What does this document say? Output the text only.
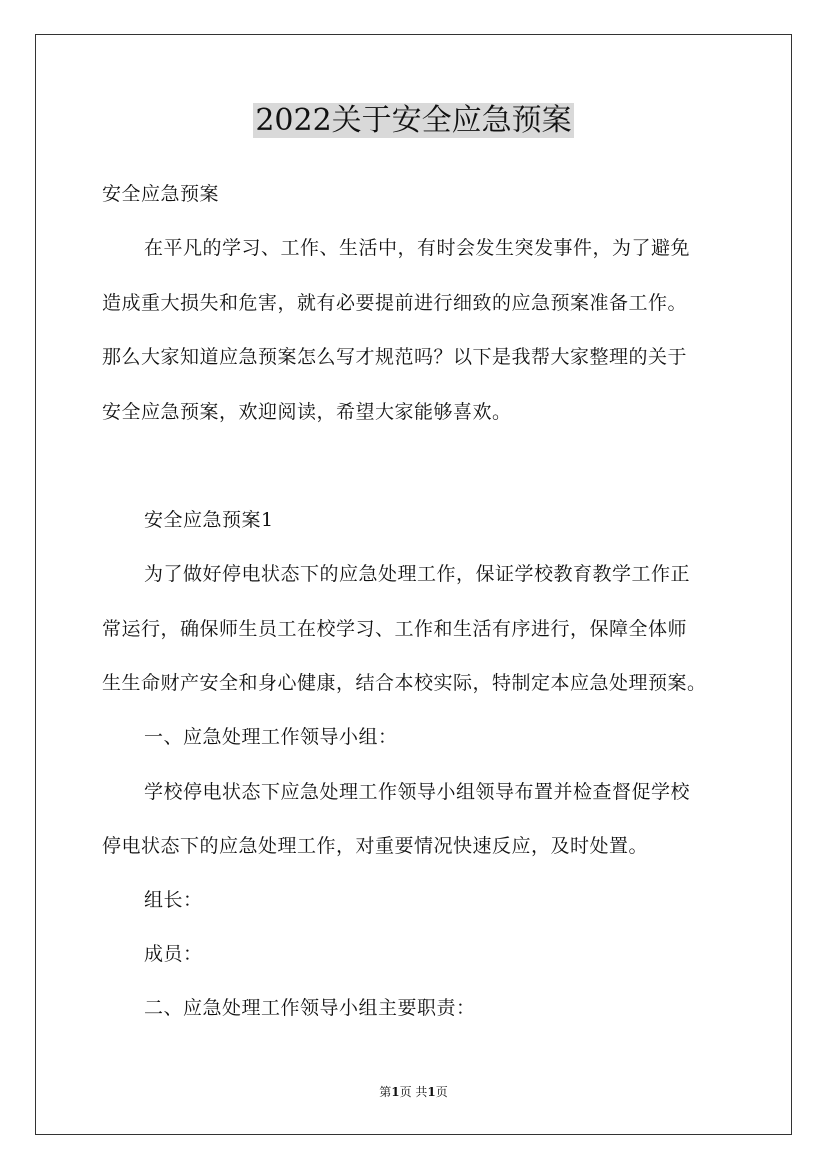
2022关于安全应急预案
安全应急预案
在平凡的学习、工作、生活中，有时会发生突发事件，为了避免
造成重大损失和危害，就有必要提前进行细致的应急预案准备工作。
那么大家知道应急预案怎么写才规范吗？以下是我帮大家整理的关于
安全应急预案，欢迎阅读，希望大家能够喜欢。
安全应急预案1
为了做好停电状态下的应急处理工作，保证学校教育教学工作正
常运行，确保师生员工在校学习、工作和生活有序进行，保障全体师
生生命财产安全和身心健康，结合本校实际，特制定本应急处理预案。
一、应急处理工作领导小组：
学校停电状态下应急处理工作领导小组领导布置并检查督促学校
停电状态下的应急处理工作，对重要情况快速反应，及时处置。
组长：
成员：
二、应急处理工作领导小组主要职责：
第1页 共1页
